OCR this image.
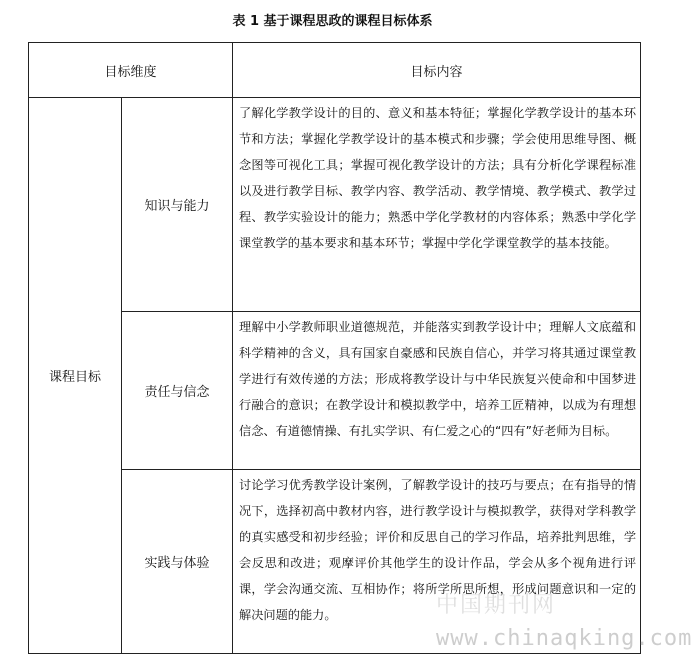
表 1 基于课程思政的课程目标体系
目标维度		目标内容
课程目标	知识与能力	了解化学教学设计的目的、意义和基本特征；掌握化学教学设计的基本环节和方法；掌握化学教学设计的基本模式和步骤；学会使用思维导图、概念图等可视化工具；掌握可视化教学设计的方法；具有分析化学课程标准以及进行教学目标、教学内容、教学活动、教学情境、教学模式、教学过程、教学实验设计的能力；熟悉中学化学教材的内容体系；熟悉中学化学课堂教学的基本要求和基本环节；掌握中学化学课堂教学的基本技能。
	责任与信念	理解中小学教师职业道德规范，并能落实到教学设计中；理解人文底蕴和科学精神的含义，具有国家自豪感和民族自信心，并学习将其通过课堂教学进行有效传递的方法；形成将教学设计与中华民族复兴使命和中国梦进行融合的意识；在教学设计和模拟教学中，培养工匠精神，以成为有理想信念、有道德情操、有扎实学识、有仁爱之心的“四有”好老师为目标。
	实践与体验	讨论学习优秀教学设计案例，了解教学设计的技巧与要点；在有指导的情况下，选择初高中教材内容，进行教学设计与模拟教学，获得对学科教学的真实感受和初步经验；评价和反思自己的学习作品，培养批判思维，学会反思和改进；观摩评价其他学生的设计作品，学会从多个视角进行评课，学会沟通交流、互相协作；将所学所思所想，形成问题意识和一定的解决问题的能力。	中国期刊网
www.chinaqking.com
